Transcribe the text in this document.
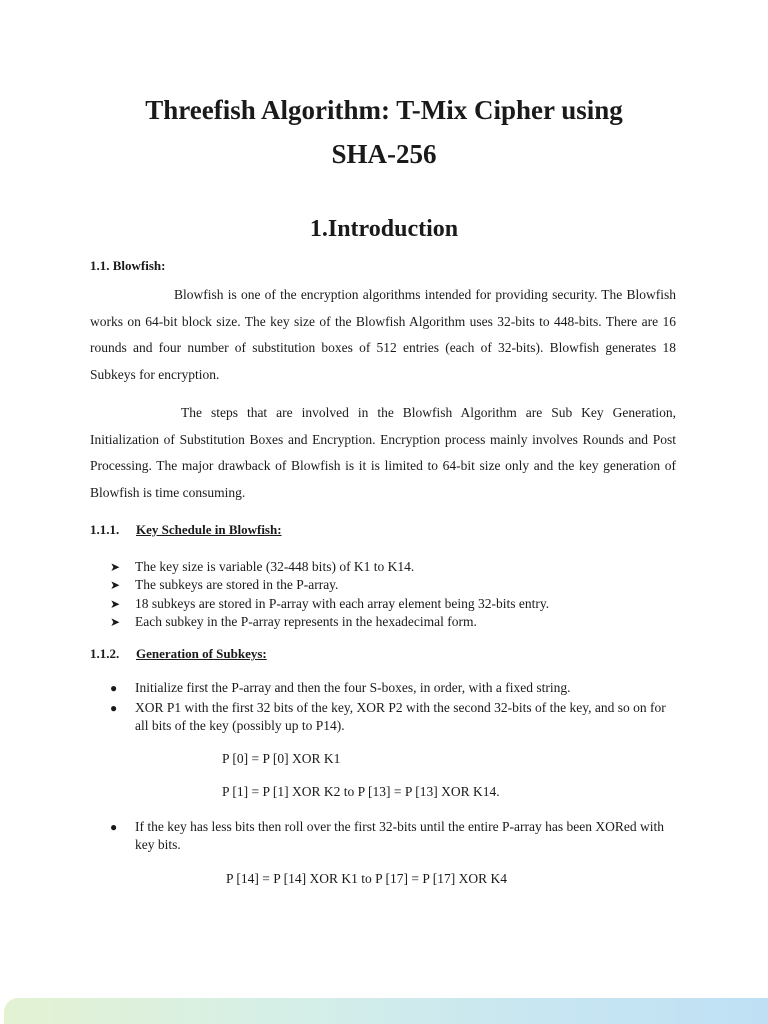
Threefish Algorithm: T-Mix Cipher using
SHA-256
1.Introduction

1.1. Blowfish:

Blowfish is one of the encryption algorithms intended for providing security. The Blowfish works on 64-bit block size. The key size of the Blowfish Algorithm uses 32-bits to 448-bits. There are 16 rounds and four number of substitution boxes of 512 entries (each of 32-bits). Blowfish generates 18 Subkeys for encryption.

The steps that are involved in the Blowfish Algorithm are Sub Key Generation, Initialization of Substitution Boxes and Encryption. Encryption process mainly involves Rounds and Post Processing. The major drawback of Blowfish is it is limited to 64-bit size only and the key generation of Blowfish is time consuming.

1.1.1. Key Schedule in Blowfish:

➤ The key size is variable (32-448 bits) of K1 to K14.
➤ The subkeys are stored in the P-array.
➤ 18 subkeys are stored in P-array with each array element being 32-bits entry.
➤ Each subkey in the P-array represents in the hexadecimal form.

1.1.2. Generation of Subkeys:

● Initialize first the P-array and then the four S-boxes, in order, with a fixed string.
● XOR P1 with the first 32 bits of the key, XOR P2 with the second 32-bits of the key, and so on for all bits of the key (possibly up to P14).

P [0] = P [0] XOR K1

P [1] = P [1] XOR K2 to P [13] = P [13] XOR K14.

● If the key has less bits then roll over the first 32-bits until the entire P-array has been XORed with key bits.

P [14] = P [14] XOR K1 to P [17] = P [17] XOR K4
